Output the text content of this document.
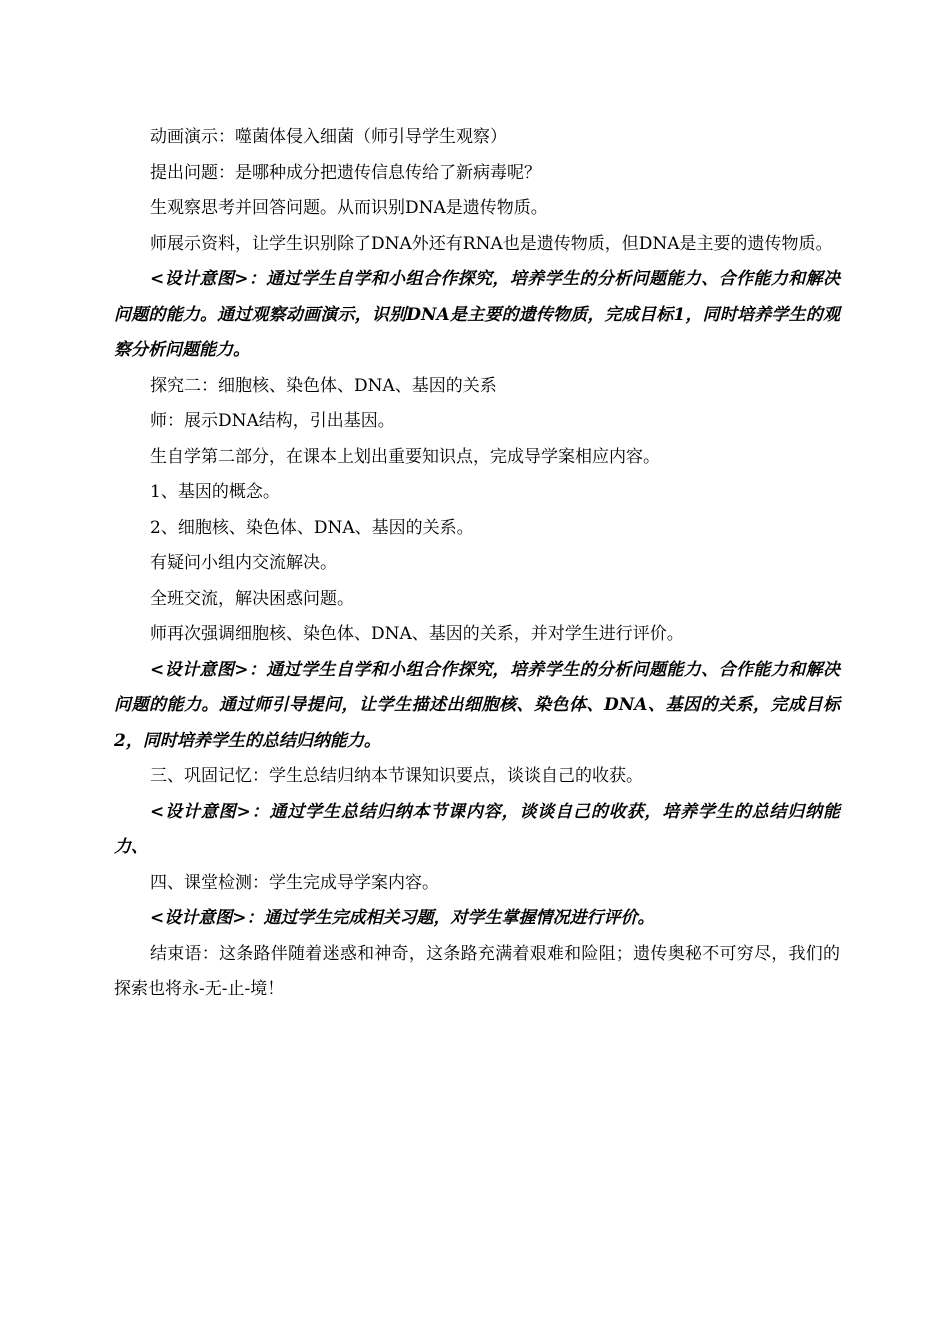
动画演示：噬菌体侵入细菌（师引导学生观察）

提出问题：是哪种成分把遗传信息传给了新病毒呢？

生观察思考并回答问题。从而识别DNA是遗传物质。

师展示资料，让学生识别除了DNA外还有RNA也是遗传物质，但DNA是主要的遗传物质。

<设计意图>：通过学生自学和小组合作探究，培养学生的分析问题能力、合作能力和解决问题的能力。通过观察动画演示，识别DNA是主要的遗传物质，完成目标1，同时培养学生的观察分析问题能力。

探究二：细胞核、染色体、DNA、基因的关系

师：展示DNA结构，引出基因。

生自学第二部分，在课本上划出重要知识点，完成导学案相应内容。

1、基因的概念。

2、细胞核、染色体、DNA、基因的关系。

有疑问小组内交流解决。

全班交流，解决困惑问题。

师再次强调细胞核、染色体、DNA、基因的关系，并对学生进行评价。

<设计意图>：通过学生自学和小组合作探究，培养学生的分析问题能力、合作能力和解决问题的能力。通过师引导提问，让学生描述出细胞核、染色体、DNA、基因的关系，完成目标2，同时培养学生的总结归纳能力。

三、巩固记忆：学生总结归纳本节课知识要点，谈谈自己的收获。

<设计意图>：通过学生总结归纳本节课内容，谈谈自己的收获，培养学生的总结归纳能力、

四、课堂检测：学生完成导学案内容。

<设计意图>：通过学生完成相关习题，对学生掌握情况进行评价。

结束语：这条路伴随着迷惑和神奇，这条路充满着艰难和险阻；遗传奥秘不可穷尽，我们的探索也将永-无-止-境！
